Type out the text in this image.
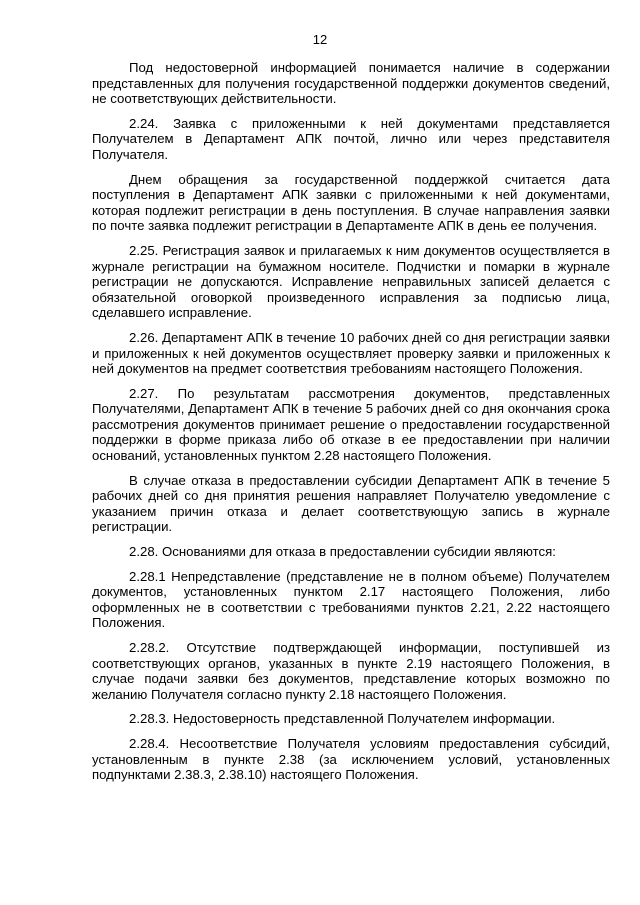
12

Под недостоверной информацией понимается наличие в содержании представленных для получения государственной поддержки документов сведений, не соответствующих действительности.

2.24. Заявка с приложенными к ней документами представляется Получателем в Департамент АПК почтой, лично или через представителя Получателя.

Днем обращения за государственной поддержкой считается дата поступления в Департамент АПК заявки с приложенными к ней документами, которая подлежит регистрации в день поступления. В случае направления заявки по почте заявка подлежит регистрации в Департаменте АПК в день ее получения.

2.25. Регистрация заявок и прилагаемых к ним документов осуществляется в журнале регистрации на бумажном носителе. Подчистки и помарки в журнале регистрации не допускаются. Исправление неправильных записей делается с обязательной оговоркой произведенного исправления за подписью лица, сделавшего исправление.

2.26. Департамент АПК в течение 10 рабочих дней со дня регистрации заявки и приложенных к ней документов осуществляет проверку заявки и приложенных к ней документов на предмет соответствия требованиям настоящего Положения.

2.27. По результатам рассмотрения документов, представленных Получателями, Департамент АПК в течение 5 рабочих дней со дня окончания срока рассмотрения документов принимает решение о предоставлении государственной поддержки в форме приказа либо об отказе в ее предоставлении при наличии оснований, установленных пунктом 2.28 настоящего Положения.

В случае отказа в предоставлении субсидии Департамент АПК в течение 5 рабочих дней со дня принятия решения направляет Получателю уведомление с указанием причин отказа и делает соответствующую запись в журнале регистрации.

2.28. Основаниями для отказа в предоставлении субсидии являются:

2.28.1 Непредставление (представление не в полном объеме) Получателем документов, установленных пунктом 2.17 настоящего Положения, либо оформленных не в соответствии с требованиями пунктов 2.21, 2.22 настоящего Положения.

2.28.2. Отсутствие подтверждающей информации, поступившей из соответствующих органов, указанных в пункте 2.19 настоящего Положения, в случае подачи заявки без документов, представление которых возможно по желанию Получателя согласно пункту 2.18 настоящего Положения.

2.28.3. Недостоверность представленной Получателем информации.

2.28.4. Несоответствие Получателя условиям предоставления субсидий, установленным в пункте 2.38 (за исключением условий, установленных подпунктами 2.38.3, 2.38.10) настоящего Положения.
